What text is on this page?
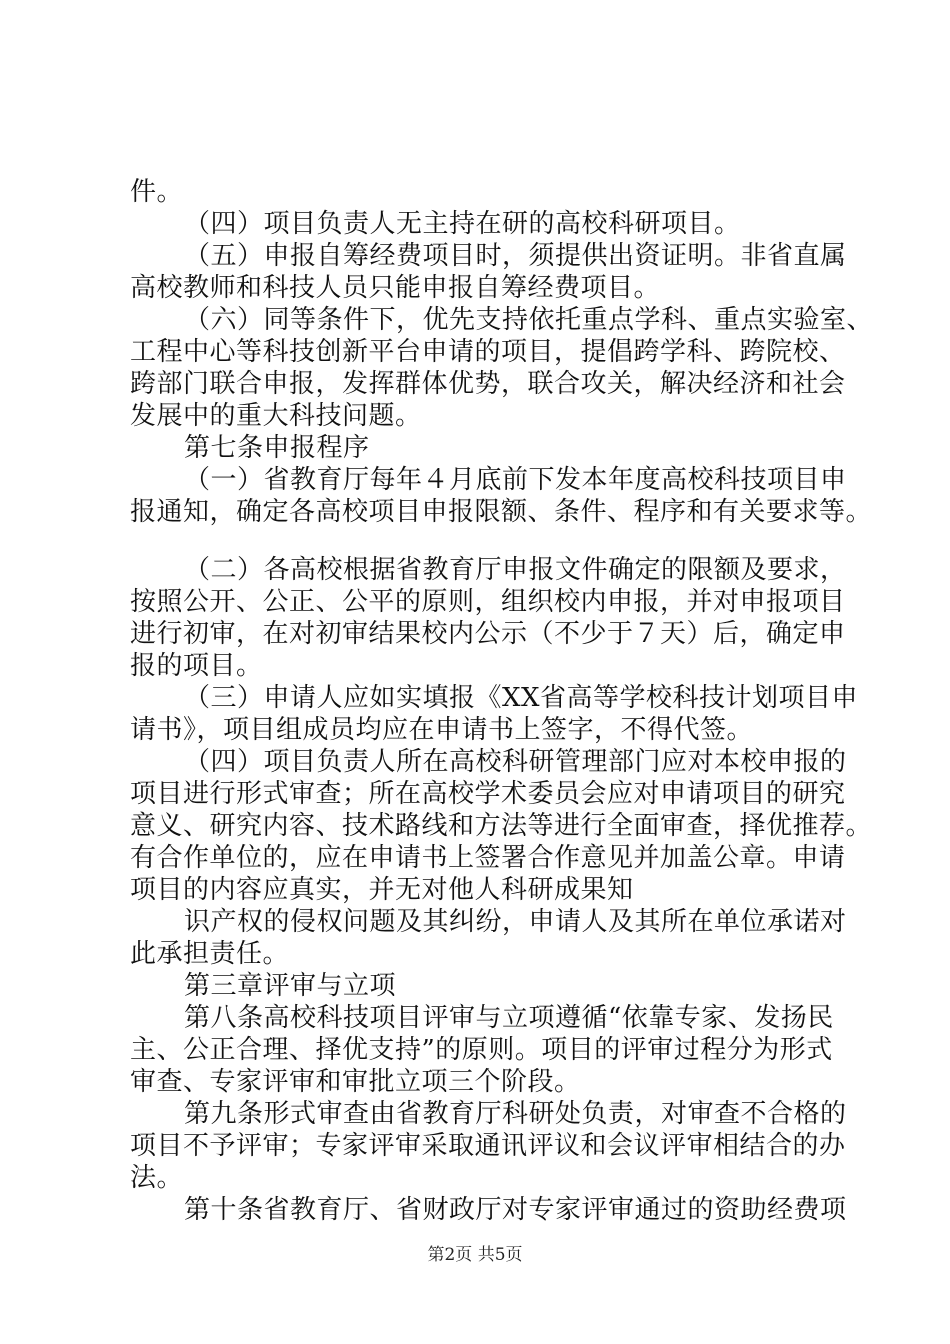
件。
（四）项目负责人无主持在研的高校科研项目。
（五）申报自筹经费项目时，须提供出资证明。非省直属
高校教师和科技人员只能申报自筹经费项目。
（六）同等条件下，优先支持依托重点学科、重点实验室、
工程中心等科技创新平台申请的项目，提倡跨学科、跨院校、
跨部门联合申报，发挥群体优势，联合攻关，解决经济和社会
发展中的重大科技问题。
第七条申报程序
（一）省教育厅每年４月底前下发本年度高校科技项目申
报通知，确定各高校项目申报限额、条件、程序和有关要求等。
（二）各高校根据省教育厅申报文件确定的限额及要求，
按照公开、公正、公平的原则，组织校内申报，并对申报项目
进行初审，在对初审结果校内公示（不少于７天）后，确定申
报的项目。
（三）申请人应如实填报《XX省高等学校科技计划项目申
请书》，项目组成员均应在申请书上签字，不得代签。
（四）项目负责人所在高校科研管理部门应对本校申报的
项目进行形式审查；所在高校学术委员会应对申请项目的研究
意义、研究内容、技术路线和方法等进行全面审查，择优推荐。
有合作单位的，应在申请书上签署合作意见并加盖公章。申请
项目的内容应真实，并无对他人科研成果知
识产权的侵权问题及其纠纷，申请人及其所在单位承诺对
此承担责任。
第三章评审与立项
第八条高校科技项目评审与立项遵循“依靠专家、发扬民
主、公正合理、择优支持”的原则。项目的评审过程分为形式
审查、专家评审和审批立项三个阶段。
第九条形式审查由省教育厅科研处负责，对审查不合格的
项目不予评审；专家评审采取通讯评议和会议评审相结合的办
法。
第十条省教育厅、省财政厅对专家评审通过的资助经费项
第2页 共5页
